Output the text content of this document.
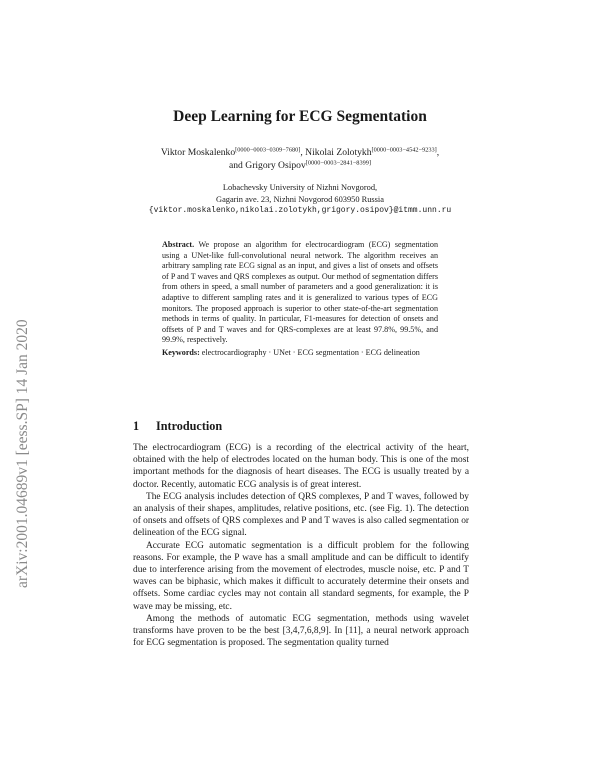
arXiv:2001.04689v1 [eess.SP] 14 Jan 2020
Deep Learning for ECG Segmentation
Viktor Moskalenko[0000−0003−0309−7680], Nikolai Zolotykh[0000−0003−4542−9233],
and Grigory Osipov[0000−0003−2841−8399]
Lobachevsky University of Nizhni Novgorod,
Gagarin ave. 23, Nizhni Novgorod 603950 Russia
{viktor.moskalenko,nikolai.zolotykh,grigory.osipov}@itmm.unn.ru
Abstract. We propose an algorithm for electrocardiogram (ECG) segmentation using a UNet-like full-convolutional neural network. The algorithm receives an arbitrary sampling rate ECG signal as an input, and gives a list of onsets and offsets of P and T waves and QRS complexes as output. Our method of segmentation differs from others in speed, a small number of parameters and a good generalization: it is adaptive to different sampling rates and it is generalized to various types of ECG monitors. The proposed approach is superior to other state-of-the-art segmentation methods in terms of quality. In particular, F1-measures for detection of onsets and offsets of P and T waves and for QRS-complexes are at least 97.8%, 99.5%, and 99.9%, respectively.
Keywords: electrocardiography · UNet · ECG segmentation · ECG delineation
1 Introduction

The electrocardiogram (ECG) is a recording of the electrical activity of the heart, obtained with the help of electrodes located on the human body. This is one of the most important methods for the diagnosis of heart diseases. The ECG is usually treated by a doctor. Recently, automatic ECG analysis is of great interest.

The ECG analysis includes detection of QRS complexes, P and T waves, followed by an analysis of their shapes, amplitudes, relative positions, etc. (see Fig. 1). The detection of onsets and offsets of QRS complexes and P and T waves is also called segmentation or delineation of the ECG signal.

Accurate ECG automatic segmentation is a difficult problem for the following reasons. For example, the P wave has a small amplitude and can be difficult to identify due to interference arising from the movement of electrodes, muscle noise, etc. P and T waves can be biphasic, which makes it difficult to accurately determine their onsets and offsets. Some cardiac cycles may not contain all standard segments, for example, the P wave may be missing, etc.

Among the methods of automatic ECG segmentation, methods using wavelet transforms have proven to be the best [3,4,7,6,8,9]. In [11], a neural network approach for ECG segmentation is proposed. The segmentation quality turned
